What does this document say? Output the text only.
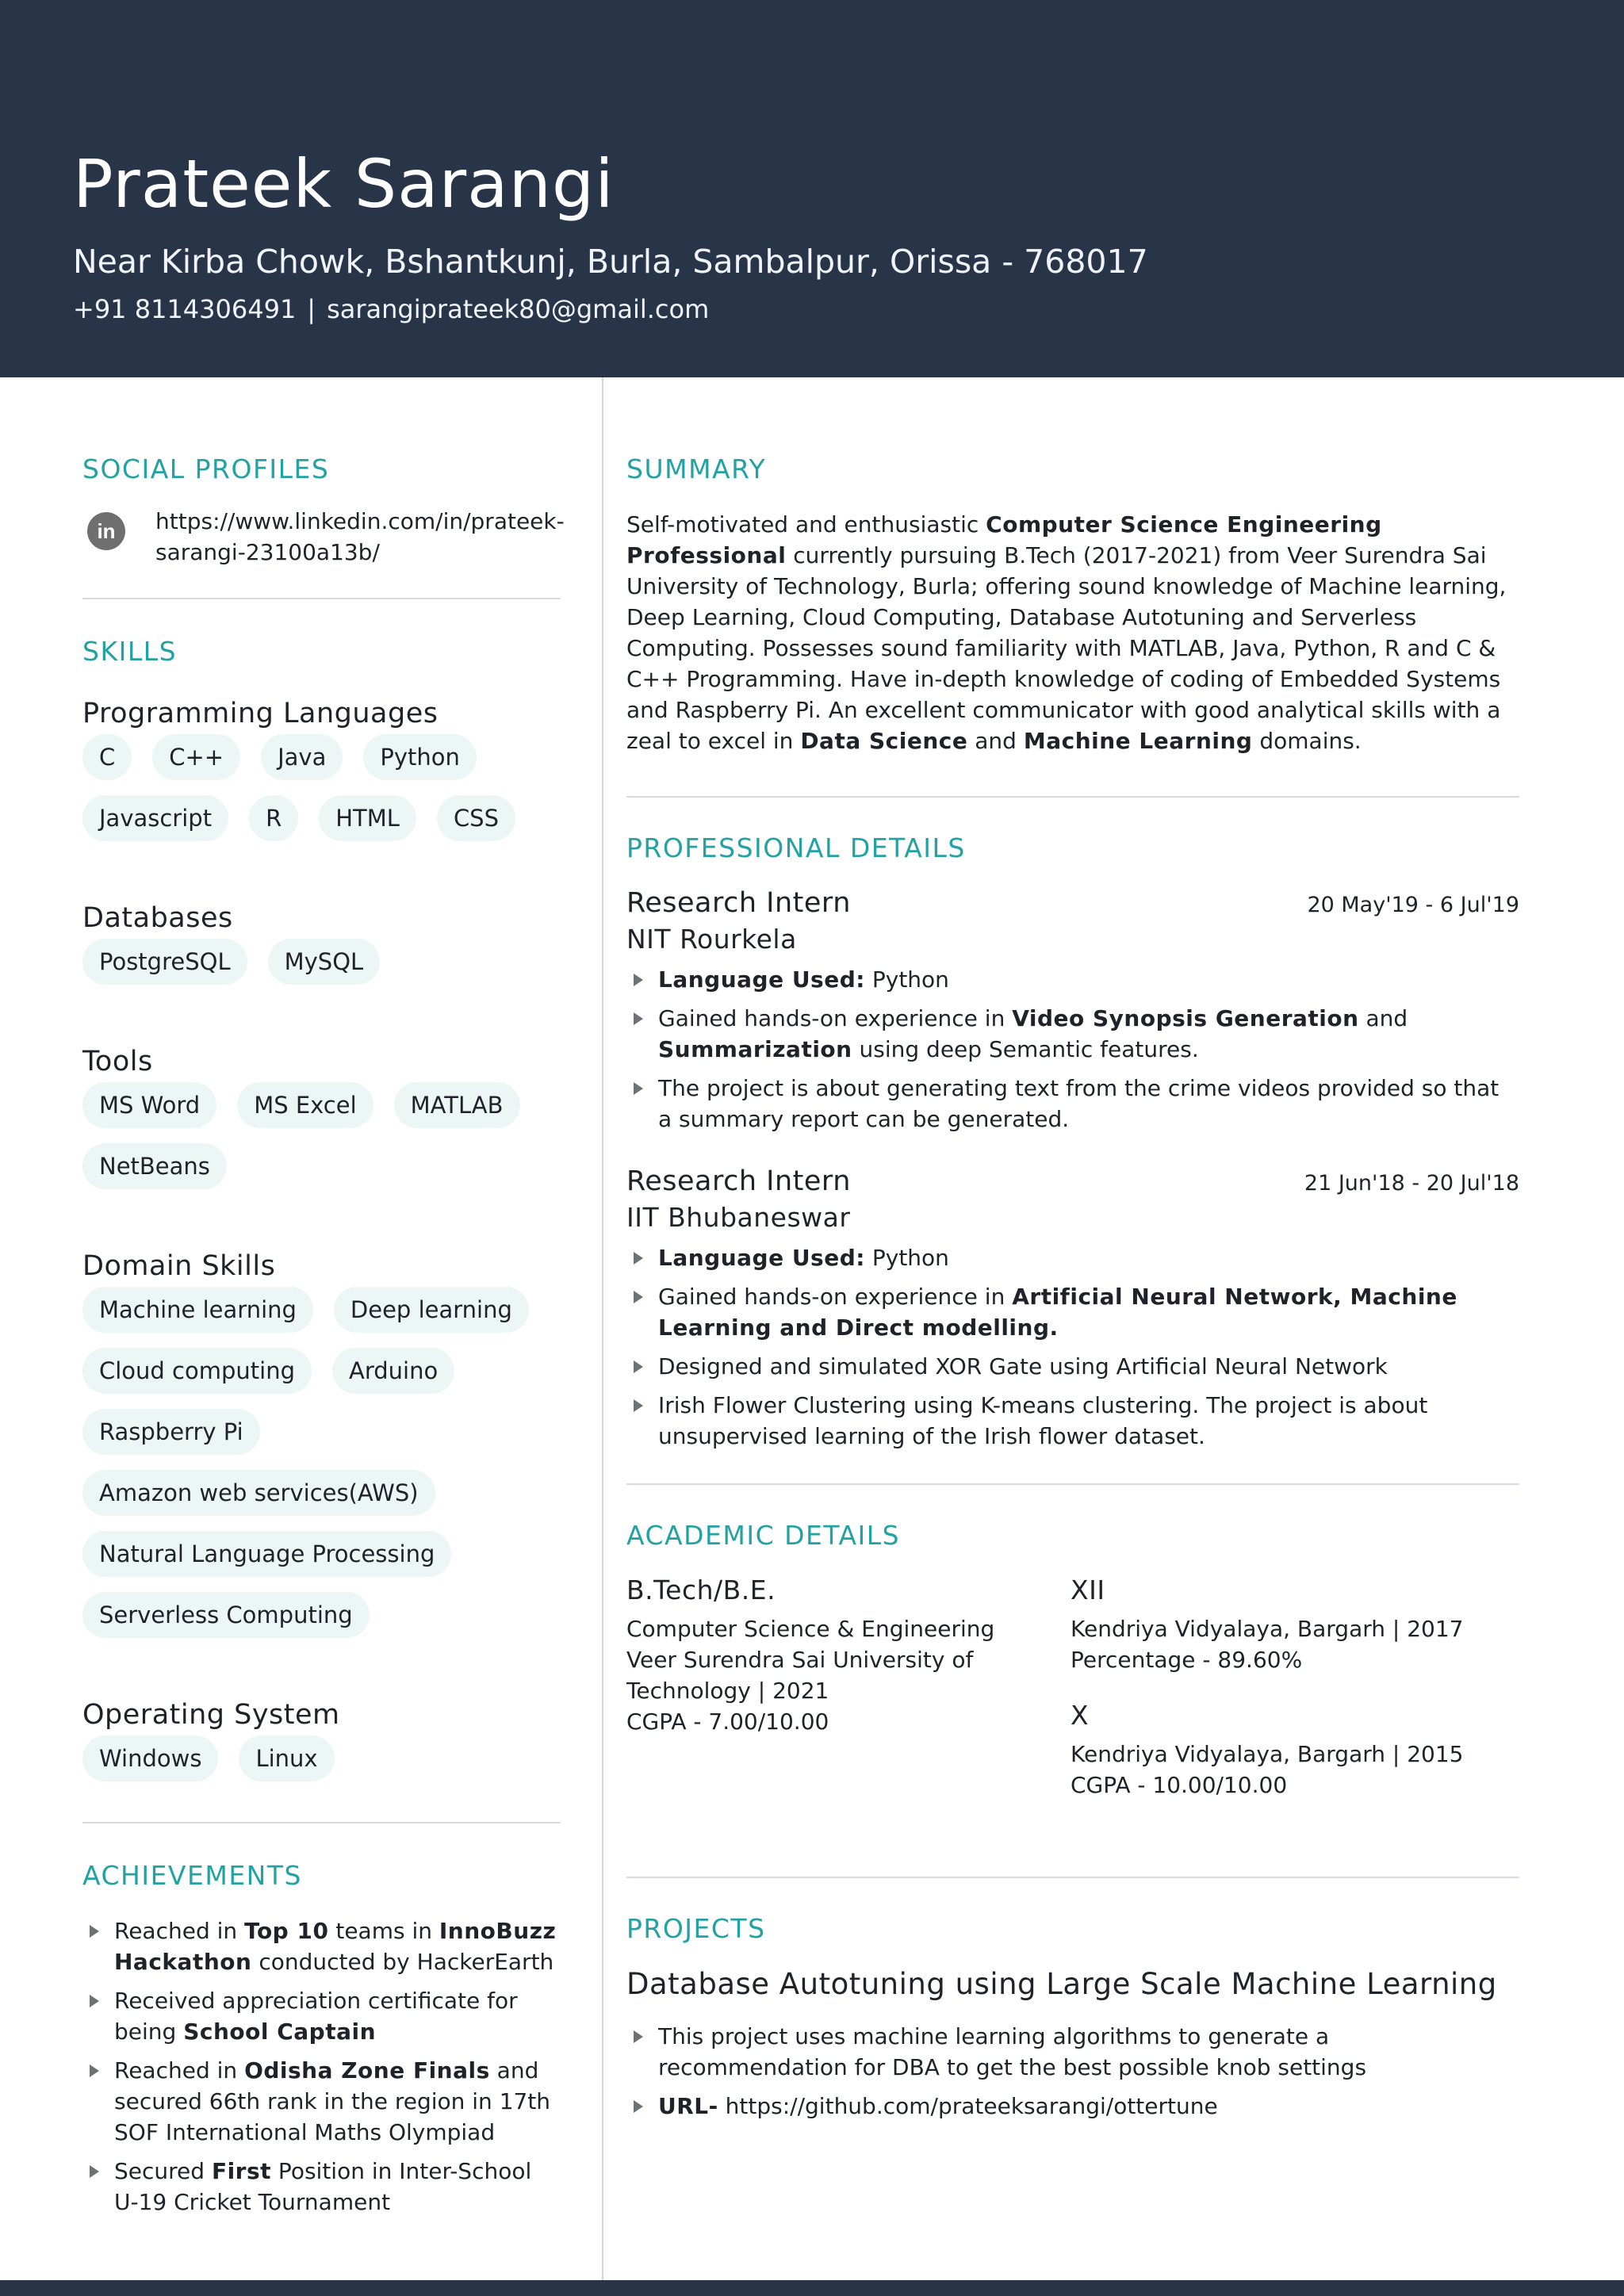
Prateek Sarangi
Near Kirba Chowk, Bshantkunj, Burla, Sambalpur, Orissa - 768017
+91 8114306491 | sarangiprateek80@gmail.com
SOCIAL PROFILES
in	https://www.linkedin.com/in/prateek-
sarangi-23100a13b/
SKILLS
Programming Languages
C	C++	Java	Python
Javascript	R	HTML	CSS
Databases
PostgreSQL	MySQL
Tools
MS Word	MS Excel	MATLAB
NetBeans
Domain Skills
Machine learning	Deep learning
Cloud computing	Arduino
Raspberry Pi
Amazon web services(AWS)
Natural Language Processing
Serverless Computing
Operating System
Windows	Linux
ACHIEVEMENTS
Reached in Top 10 teams in InnoBuzz Hackathon conducted by HackerEarth
Received appreciation certificate for being School Captain
Reached in Odisha Zone Finals and secured 66th rank in the region in 17th SOF International Maths Olympiad
Secured First Position in Inter-School U-19 Cricket Tournament
SUMMARY
Self-motivated and enthusiastic Computer Science Engineering Professional currently pursuing B.Tech (2017-2021) from Veer Surendra Sai University of Technology, Burla; offering sound knowledge of Machine learning, Deep Learning, Cloud Computing, Database Autotuning and Serverless Computing. Possesses sound familiarity with MATLAB, Java, Python, R and C & C++ Programming. Have in-depth knowledge of coding of Embedded Systems and Raspberry Pi. An excellent communicator with good analytical skills with a zeal to excel in Data Science and Machine Learning domains.
PROFESSIONAL DETAILS
Research Intern	20 May'19 - 6 Jul'19
NIT Rourkela
Language Used: Python
Gained hands-on experience in Video Synopsis Generation and Summarization using deep Semantic features.
The project is about generating text from the crime videos provided so that a summary report can be generated.
Research Intern	21 Jun'18 - 20 Jul'18
IIT Bhubaneswar
Language Used: Python
Gained hands-on experience in Artificial Neural Network, Machine Learning and Direct modelling.
Designed and simulated XOR Gate using Artificial Neural Network
Irish Flower Clustering using K-means clustering. The project is about unsupervised learning of the Irish flower dataset.
ACADEMIC DETAILS
B.Tech/B.E.
Computer Science & Engineering
Veer Surendra Sai University of
Technology | 2021
CGPA - 7.00/10.00
XII
Kendriya Vidyalaya, Bargarh | 2017
Percentage - 89.60%
X
Kendriya Vidyalaya, Bargarh | 2015
CGPA - 10.00/10.00
PROJECTS
Database Autotuning using Large Scale Machine Learning
This project uses machine learning algorithms to generate a recommendation for DBA to get the best possible knob settings
URL- https://github.com/prateeksarangi/ottertune
